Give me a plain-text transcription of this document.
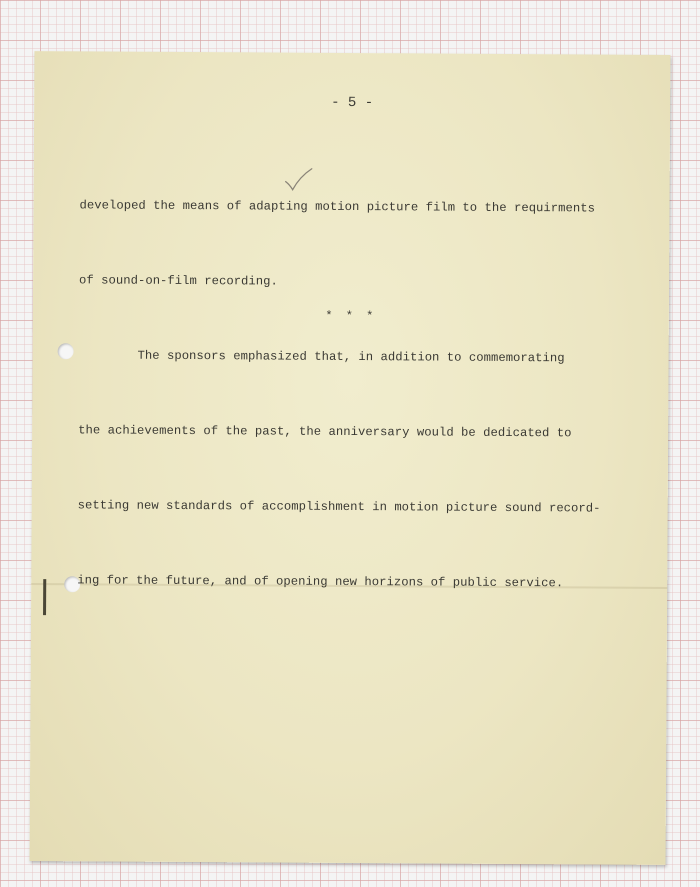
- 5 -

developed the means of adapting motion picture film to the requirments

of sound-on-film recording.

The sponsors emphasized that, in addition to commemorating

the achievements of the past, the anniversary would be dedicated to

setting new standards of accomplishment in motion picture sound record-

ing for the future, and of opening new horizons of public service.

* * *
